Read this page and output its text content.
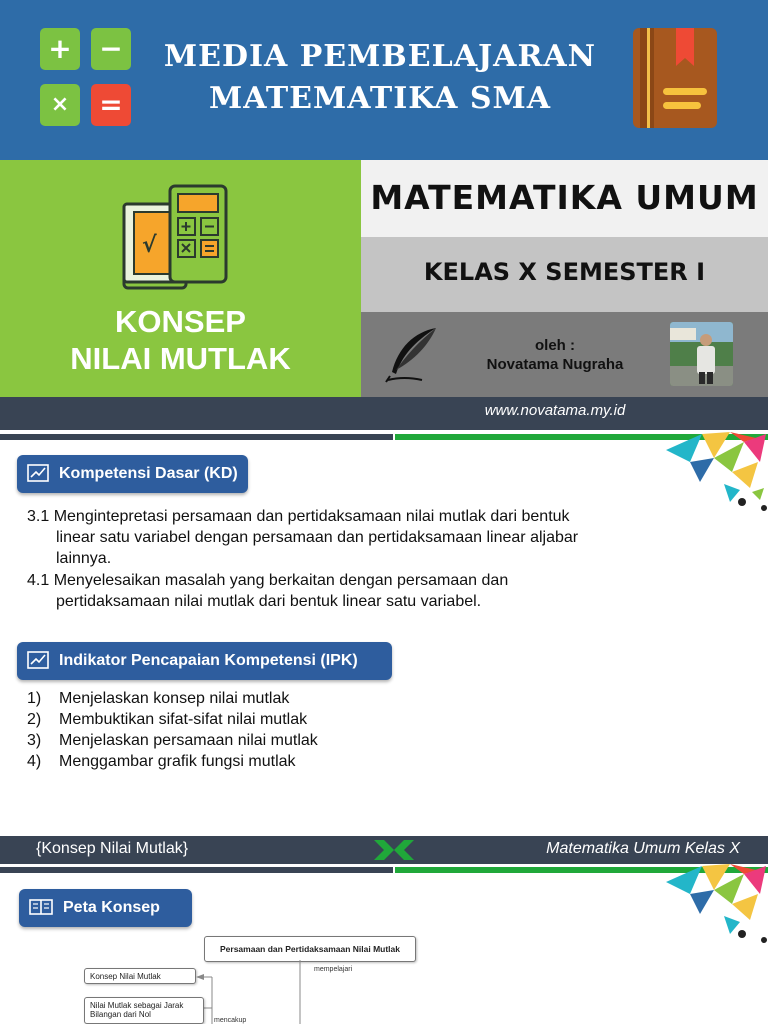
+ −
×	=
MEDIA PEMBELAJARAN
MATEMATIKA SMA
√
KONSEP
NILAI MUTLAK
MATEMATIKA UMUM
KELAS X SEMESTER I
oleh :
Novatama Nugraha
www.novatama.my.id
Kompetensi Dasar (KD)
3.1 Mengintepretasi persamaan dan pertidaksamaan nilai mutlak dari bentuk
linear satu variabel dengan persamaan dan pertidaksamaan linear aljabar
lainnya.
4.1 Menyelesaikan masalah yang berkaitan dengan persamaan dan
pertidaksamaan nilai mutlak dari bentuk linear satu variabel.
Indikator Pencapaian Kompetensi (IPK)
1) Menjelaskan konsep nilai mutlak
2) Membuktikan sifat-sifat nilai mutlak
3) Menjelaskan persamaan nilai mutlak
4) Menggambar grafik fungsi mutlak
{Konsep Nilai Mutlak}	Matematika Umum Kelas X
Peta Konsep
Persamaan dan Pertidaksamaan Nilai Mutlak
mempelajari
mencakup
Konsep Nilai Mutlak
Nilai Mutlak sebagai Jarak
Bilangan dari Nol
